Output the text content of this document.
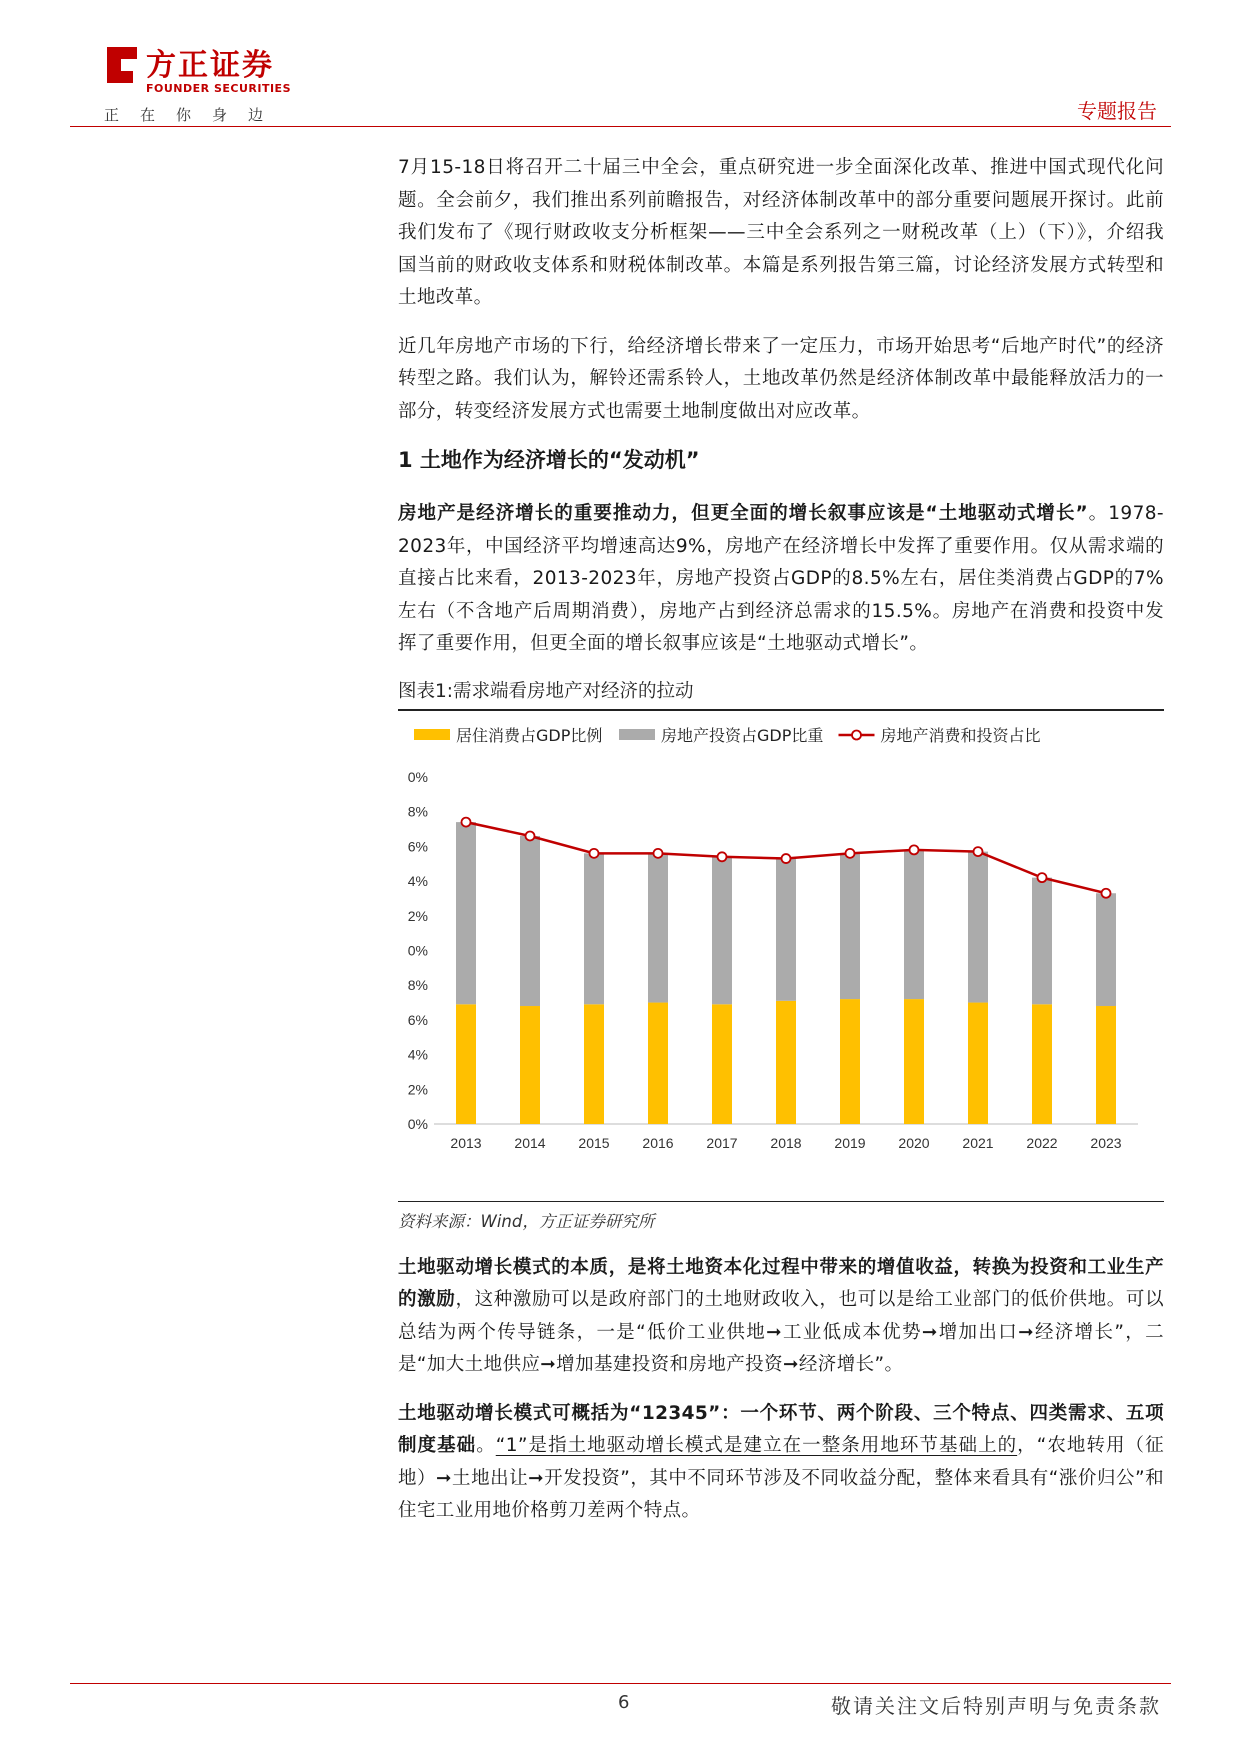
方正证券
FOUNDER SECURITIES
正在你身边	专题报告

7月15-18日将召开二十届三中全会，重点研究进一步全面深化改革、推进中国式现代化问题。全会前夕，我们推出系列前瞻报告，对经济体制改革中的部分重要问题展开探讨。此前我们发布了《现行财政收支分析框架——三中全会系列之一财税改革（上）（下）》，介绍我国当前的财政收支体系和财税体制改革。本篇是系列报告第三篇，讨论经济发展方式转型和土地改革。

近几年房地产市场的下行，给经济增长带来了一定压力，市场开始思考“后地产时代”的经济转型之路。我们认为，解铃还需系铃人，土地改革仍然是经济体制改革中最能释放活力的一部分，转变经济发展方式也需要土地制度做出对应改革。

1 土地作为经济增长的“发动机”

房地产是经济增长的重要推动力，但更全面的增长叙事应该是“土地驱动式增长”。1978-2023年，中国经济平均增速高达9%，房地产在经济增长中发挥了重要作用。仅从需求端的直接占比来看，2013-2023年，房地产投资占GDP的8.5%左右，居住类消费占GDP的7%左右（不含地产后周期消费），房地产占到经济总需求的15.5%。房地产在消费和投资中发挥了重要作用，但更全面的增长叙事应该是“土地驱动式增长”。

图表1:需求端看房地产对经济的拉动
0%
2%
4%
6%
8%
0%
2%
4%
6%
8%
0%
2013 2014 2015 2016 2017 2018 2019 2020 2021 2022 2023
居住消费占GDP比例	房地产投资占GDP比重	房地产消费和投资占比
资料来源：Wind，方正证券研究所

土地驱动增长模式的本质，是将土地资本化过程中带来的增值收益，转换为投资和工业生产的激励，这种激励可以是政府部门的土地财政收入，也可以是给工业部门的低价供地。可以总结为两个传导链条，一是“低价工业供地➞工业低成本优势➞增加出口➞经济增长”，二是“加大土地供应➞增加基建投资和房地产投资➞经济增长”。

土地驱动增长模式可概括为“12345”：一个环节、两个阶段、三个特点、四类需求、五项制度基础。“1”是指土地驱动增长模式是建立在一整条用地环节基础上的，“农地转用（征地）➞土地出让➞开发投资”，其中不同环节涉及不同收益分配，整体来看具有“涨价归公”和住宅工业用地价格剪刀差两个特点。

6	敬请关注文后特别声明与免责条款
